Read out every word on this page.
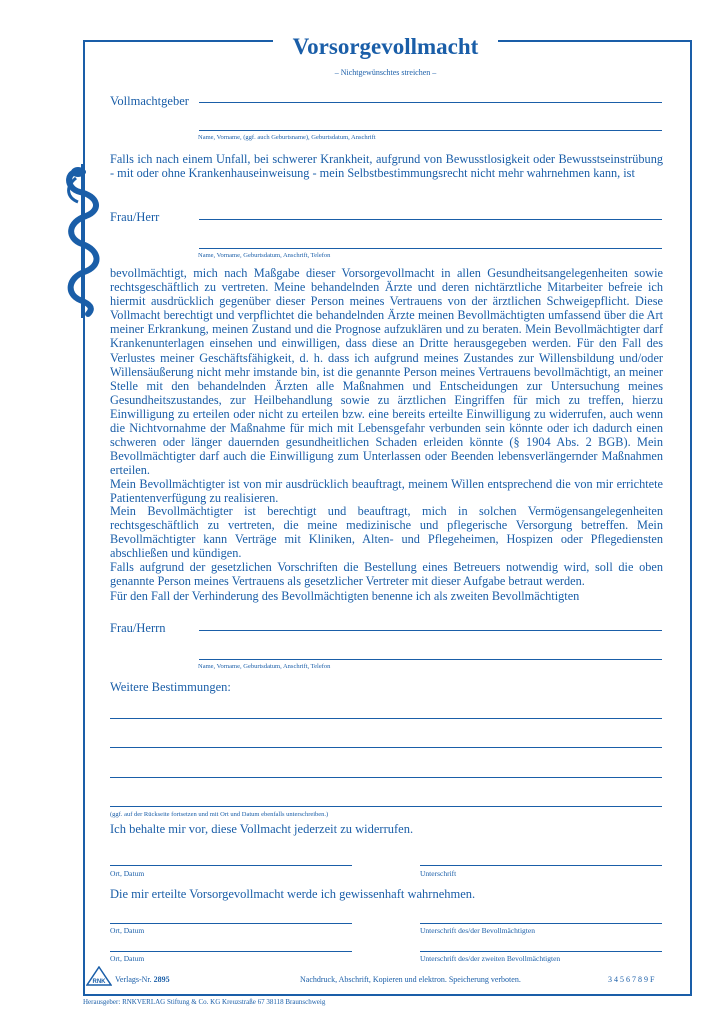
Vorsorgevollmacht
– Nichtgewünschtes streichen –
Vollmachtgeber
Name, Vorname, (ggf. auch Geburtsname), Geburtsdatum, Anschrift
Falls ich nach einem Unfall, bei schwerer Krankheit, aufgrund von Bewusstlosigkeit oder Bewusstseinstrübung - mit oder ohne Krankenhauseinweisung - mein Selbstbestimmungsrecht nicht mehr wahrnehmen kann, ist
Frau/Herr
Name, Vorname, Geburtsdatum, Anschrift, Telefon
bevollmächtigt, mich nach Maßgabe dieser Vorsorgevollmacht in allen Gesundheitsangelegenheiten sowie rechtsgeschäftlich zu vertreten. Meine behandelnden Ärzte und deren nichtärztliche Mitarbeiter befreie ich hiermit ausdrücklich gegenüber dieser Person meines Vertrauens von der ärztlichen Schweigepflicht. Diese Vollmacht berechtigt und verpflichtet die behandelnden Ärzte meinen Bevollmächtigten umfassend über die Art meiner Erkrankung, meinen Zustand und die Prognose aufzuklären und zu beraten. Mein Bevollmächtigter darf Krankenunterlagen einsehen und einwilligen, dass diese an Dritte herausgegeben werden. Für den Fall des Verlustes meiner Geschäftsfähigkeit, d. h. dass ich aufgrund meines Zustandes zur Willensbildung und/oder Willensäußerung nicht mehr imstande bin, ist die genannte Person meines Vertrauens bevollmächtigt, an meiner Stelle mit den behandelnden Ärzten alle Maßnahmen und Entscheidungen zur Untersuchung meines Gesundheitszustandes, zur Heilbehandlung sowie zu ärztlichen Eingriffen für mich zu treffen, hierzu Einwilligung zu erteilen oder nicht zu erteilen bzw. eine bereits erteilte Einwilligung zu widerrufen, auch wenn die Nichtvornahme der Maßnahme für mich mit Lebensgefahr verbunden sein könnte oder ich dadurch einen schweren oder länger dauernden gesundheitlichen Schaden erleiden könnte (§ 1904 Abs. 2 BGB). Mein Bevollmächtigter darf auch die Einwilligung zum Unterlassen oder Beenden lebensverlängernder Maßnahmen erteilen.
Mein Bevollmächtigter ist von mir ausdrücklich beauftragt, meinem Willen entsprechend die von mir errichtete Patientenverfügung zu realisieren.
Mein Bevollmächtigter ist berechtigt und beauftragt, mich in solchen Vermögensangelegenheiten rechtsgeschäftlich zu vertreten, die meine medizinische und pflegerische Versorgung betreffen. Mein Bevollmächtigter kann Verträge mit Kliniken, Alten- und Pflegeheimen, Hospizen oder Pflegediensten abschließen und kündigen.
Falls aufgrund der gesetzlichen Vorschriften die Bestellung eines Betreuers notwendig wird, soll die oben genannte Person meines Vertrauens als gesetzlicher Vertreter mit dieser Aufgabe betraut werden.
Für den Fall der Verhinderung des Bevollmächtigten benenne ich als zweiten Bevollmächtigten
Frau/Herrn
Name, Vorname, Geburtsdatum, Anschrift, Telefon
Weitere Bestimmungen:
(ggf. auf der Rückseite fortsetzen und mit Ort und Datum ebenfalls unterschreiben.)
Ich behalte mir vor, diese Vollmacht jederzeit zu widerrufen.
Ort, Datum	Unterschrift
Die mir erteilte Vorsorgevollmacht werde ich gewissenhaft wahrnehmen.
Ort, Datum	Unterschrift des/der Bevollmächtigten
Ort, Datum	Unterschrift des/der zweiten Bevollmächtigten
RNK Verlags-Nr. 2895	Nachdruck, Abschrift, Kopieren und elektron. Speicherung verboten.	3 4 5 6 7 8 9 F
Herausgeber: RNKVERLAG Stiftung & Co. KG Kreuzstraße 67 38118 Braunschweig
